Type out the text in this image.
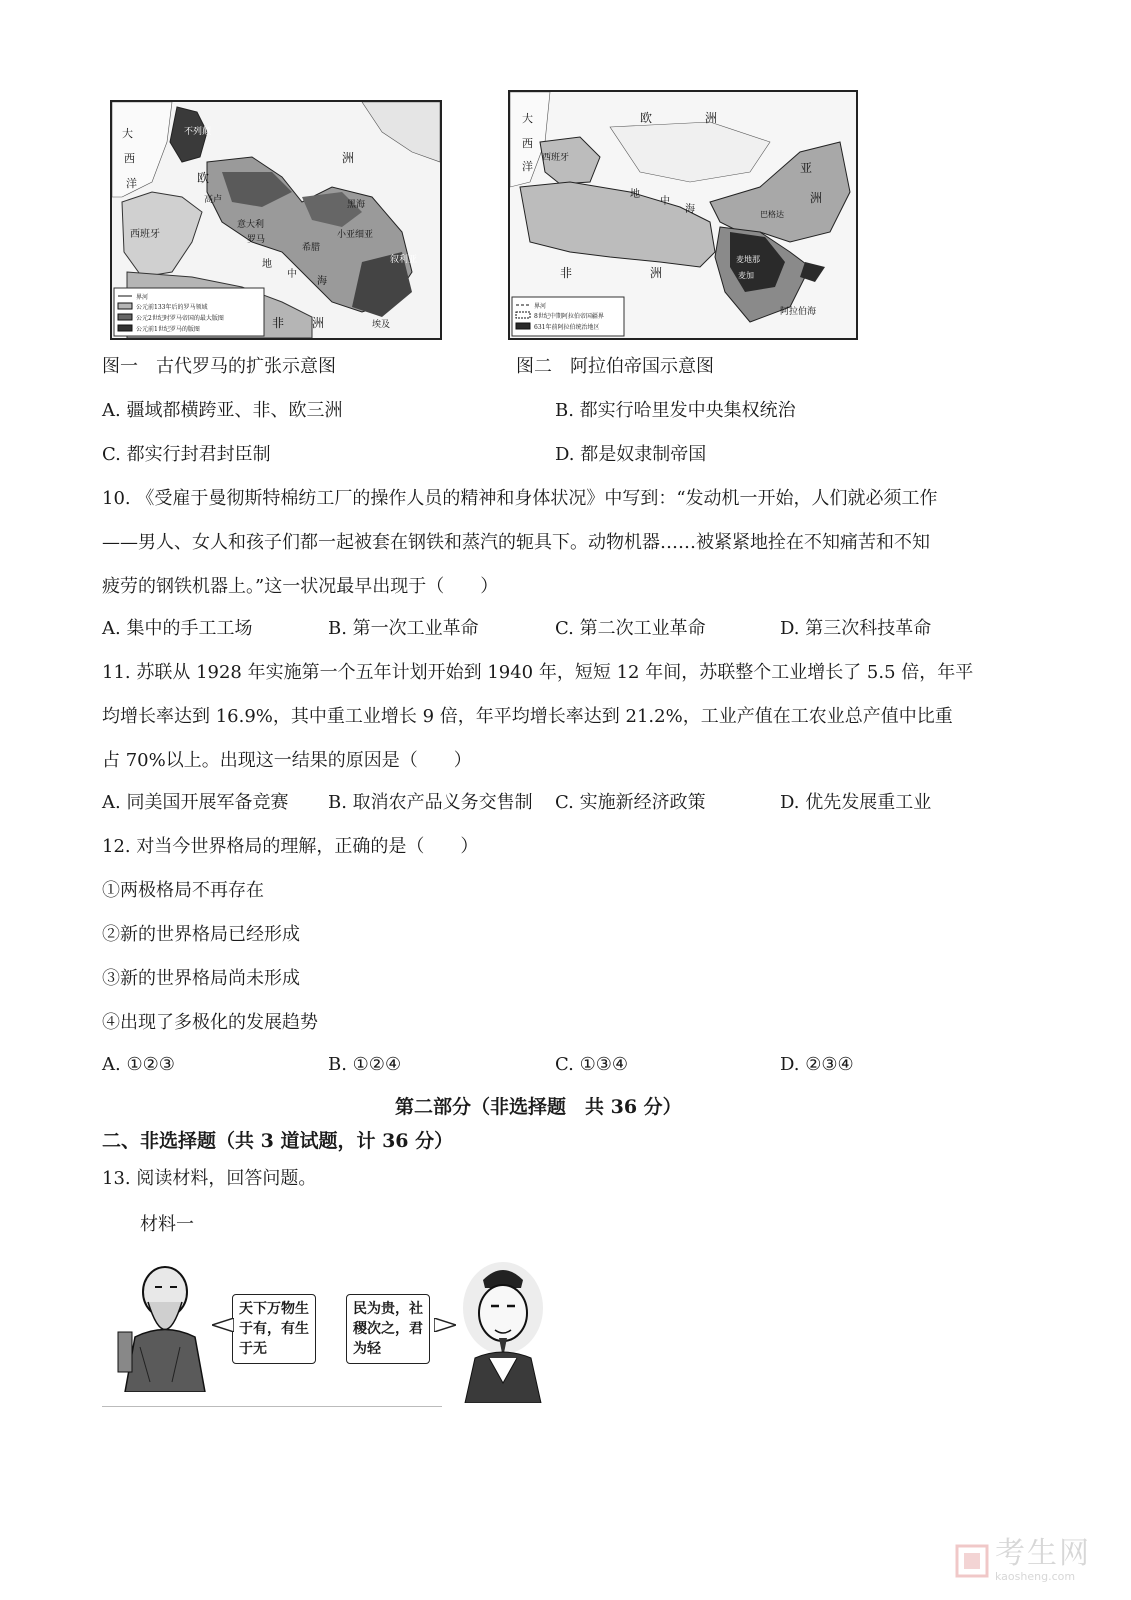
大
西
洋
不列颠
欧
洲
高卢
西班牙
意大利
罗马
希腊
小亚细亚
叙利亚
黑海
非 洲	埃及
地
中
海
界河
公元前133年后的罗马领域
公元2世纪时罗马帝国的最大版图
公元前1世纪罗马的版图
大
西
洋
欧	洲
西班牙
地
中
海
非	洲
亚
洲
巴格达
麦地那
麦加
阿拉伯海
界河
8世纪中期阿拉伯帝国疆界
631年前阿拉伯统治地区
图一　古代罗马的扩张示意图	图二　阿拉伯帝国示意图
A. 疆域都横跨亚、非、欧三洲	B. 都实行哈里发中央集权统治
C. 都实行封君封臣制	D. 都是奴隶制帝国
10. 《受雇于曼彻斯特棉纺工厂的操作人员的精神和身体状况》中写到：“发动机一开始，人们就必须工作
——男人、女人和孩子们都一起被套在钢铁和蒸汽的轭具下。动物机器……被紧紧地拴在不知痛苦和不知
疲劳的钢铁机器上。”这一状况最早出现于（　　）
A. 集中的手工工场	B. 第一次工业革命	C. 第二次工业革命	D. 第三次科技革命
11. 苏联从 1928 年实施第一个五年计划开始到 1940 年，短短 12 年间，苏联整个工业增长了 5.5 倍，年平
均增长率达到 16.9%，其中重工业增长 9 倍，年平均增长率达到 21.2%，工业产值在工农业总产值中比重
占 70%以上。出现这一结果的原因是（　　）
A. 同美国开展军备竞赛 B. 取消农产品义务交售制 C. 实施新经济政策	D. 优先发展重工业
12. 对当今世界格局的理解，正确的是（　　）
①两极格局不再存在
②新的世界格局已经形成
③新的世界格局尚未形成
④出现了多极化的发展趋势
A. ①②③	B. ①②④	C. ①③④	D. ②③④
第二部分（非选择题　共 36 分）
二、非选择题（共 3 道试题，计 36 分）
13. 阅读材料，回答问题。
材料一
天下万物生于有，有生于无
民为贵，社稷次之，君为轻
考生网
kaosheng.com
